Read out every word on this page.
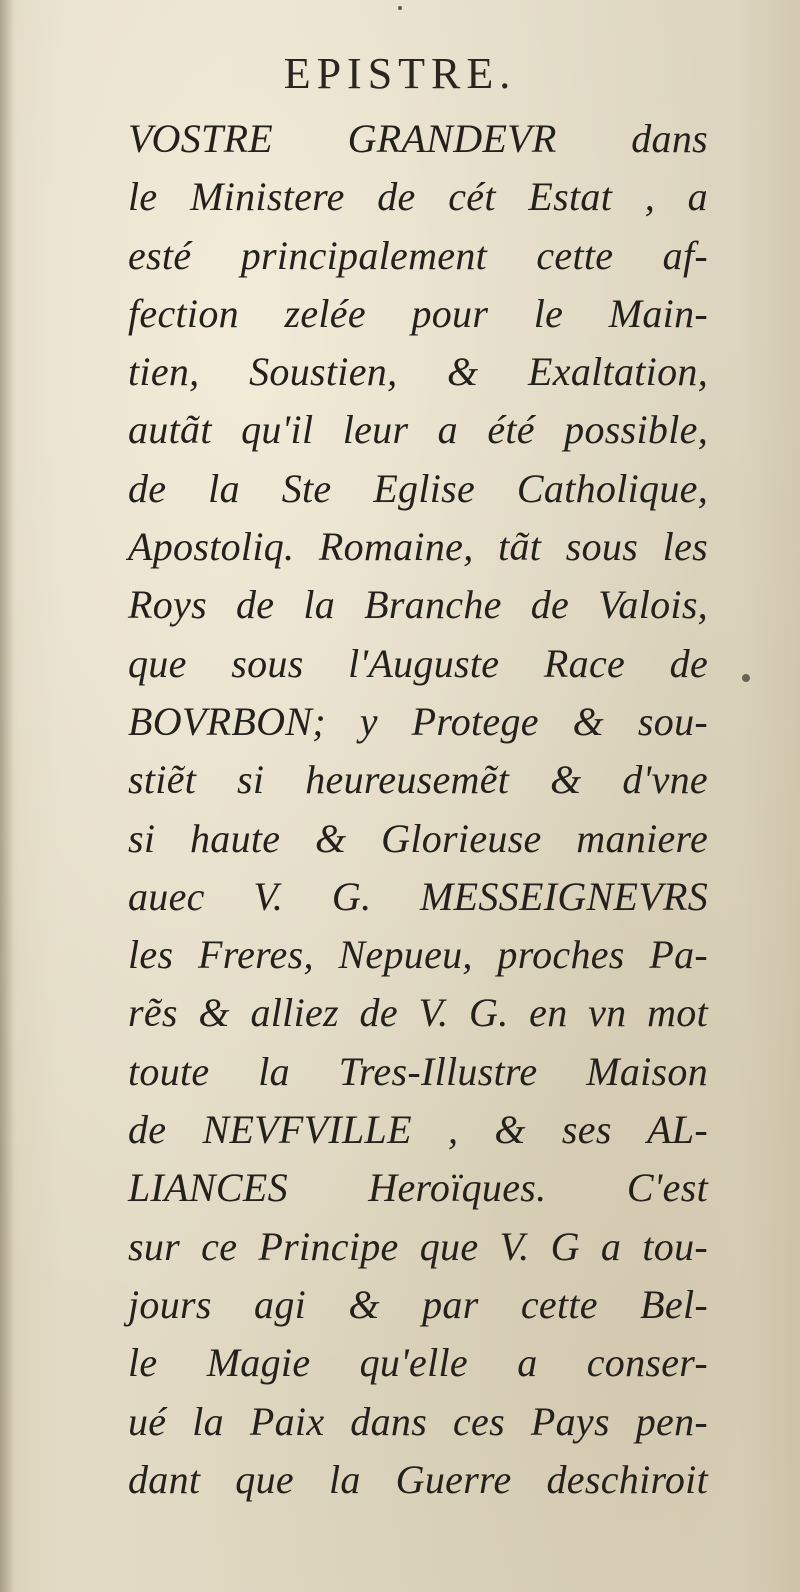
EPISTRE.
VOSTRE GRANDEVR dans
le Ministere de cét Estat , a
esté principalement cette af-
fection zelée pour le Main-
tien, Soustien, & Exaltation,
autãt qu'il leur a été possible,
de la Ste Eglise Catholique,
Apostoliq. Romaine, tãt sous les
Roys de la Branche de Valois,
que sous l'Auguste Race de
BOVRBON; y Protege & sou-
stiẽt si heureusemẽt & d'vne
si haute & Glorieuse maniere
auec V. G. MESSEIGNEVRS
les Freres, Nepueu, proches Pa-
rẽs & alliez de V. G. en vn mot
toute la Tres-Illustre Maison
de NEVFVILLE , & ses AL-
LIANCES Heroïques. C'est
sur ce Principe que V. G a tou-
jours agi & par cette Bel-
le Magie qu'elle a conser-
ué la Paix dans ces Pays pen-
dant que la Guerre deschiroit
